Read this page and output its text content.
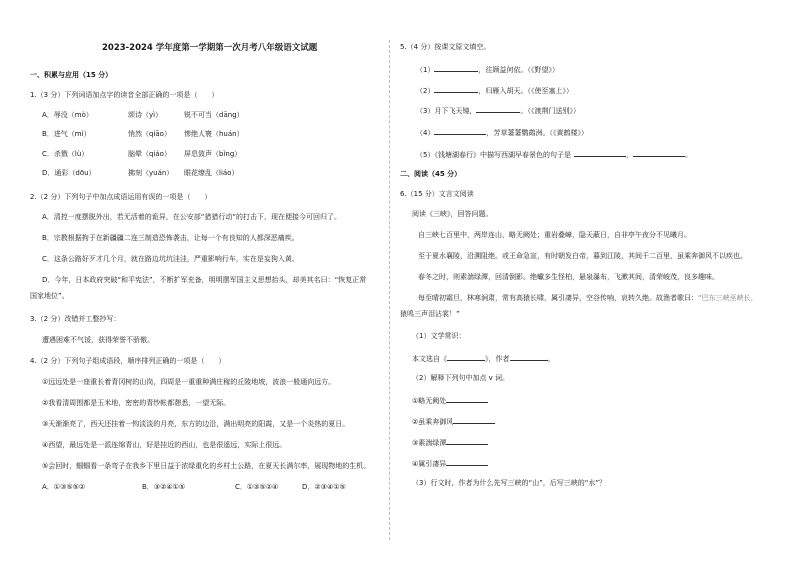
2023-2024 学年度第一学期第一次月考八年级语文试题
一、积累与应用（15 分）
1.（3 分）下列词语加点字的读音全部正确的一项是（　　）
A．辱没（mò）	颂诗（yì）	锐不可当（dāng）
B．进气（mì）	悄然（qiāo） 惨绝人寰（huán）
C．杀戮（lù）	脑晕（qiáo） 屏息敛声（bǐng）
D．通彩（dōu）	拂刻（yuán） 眼花缭乱（liáo）
2.（2 分）下列句子中加点成语运用有误的一项是（　　）
A．清控一度摆脱外出，若无活着的诡异，在公安部“猎猎行动”的打击下，现在便接今可回归了。
B．宗教根据拘于在新疆疆二连三制造恐怖袭击，让每一个有良知的人都深恶痛疾。
C．这条公路好歹才几个月，就在路边坑坑洼洼，严重影响行车，实在是妄狗入黄。
D．今年，日本政府突破“和平宪法”，不断扩军充备，明明摆军国主义思想抬头，却美其名曰：“恢复正常
国家地位”。
3.（2 分）改错并工整抄写：
遭遇困难不气馁，获得荣誉不骄傲。
4.（2 分）下列句子组成语段，顺序排列正确的一项是（　　）
①远远处是一座重长着青冈树的山岗，四周是一重重种满庄稼的丘陵地坡，波浪一般通向远方。
②我看清周围都是玉米地，密密的青纱帐都憩悉，一望无际。
③天渐渐亮了，西天还挂着一钩淡淡的月亮，东方的边沿，满出明亮的阳霞，又是一个炎热的夏日。
④西望，最远处是一派连绵青山，好是挂近的西山，也是很遥远，实际上很远。
⑤会回时，蝈蝈看一条弯子在我乡下里日益于浓绿重化的乡村土公路，在夏天长满尔率，展现物地的生机。
A．①③⑤⑤②	B．③②④①⑤	C．①③⑤②④	D．②③④①⑤
5.（4 分）按课文原文填空。
（1）	，往顾益何依。（《野望》）
（2）	，归雁入胡天。（《使至塞上》）
（3）月下飞天镜，	。（《渡荆门送别》）
（4）	，芳草萋萋鹦鹉洲。（《黄鹤楼》）
（5）《钱塘湖春行》中描写西湖早春景色的句子是	，	。
二、阅读（45 分）
6.（15 分）文言文阅读
阅读《三峡》，回答问题。
自三峡七百里中，两岸连山，略无阙处；重岩叠嶂，隐天蔽日，自非亭午夜分不见曦月。
至于夏水襄陵，沿溯阻绝。或王命急宣，有时朝发白帝，暮到江陵，其间千二百里，虽乘奔御风不以疾也。
春冬之时，则素湍绿潭，回清倒影。绝巘多生怪柏，悬泉瀑布，飞漱其间，清荣峻茂，良多趣味。
每至晴初霜旦，林寒涧肃，常有高猿长啸，属引凄异，空谷传响，哀转久绝。故渔者歌曰：“巴东三峡巫峡长，
猿鸣三声泪沾裳！”
（1）文学常识：
本文选自《	》，作者	。
（2）解释下列句中加点 v 词。
①略无阙处
②虽乘奔御风
③素湍绿潭
④属引凄异
（3）行文时，作者为什么先写三峡的“山”，后写三峡的“水”？
